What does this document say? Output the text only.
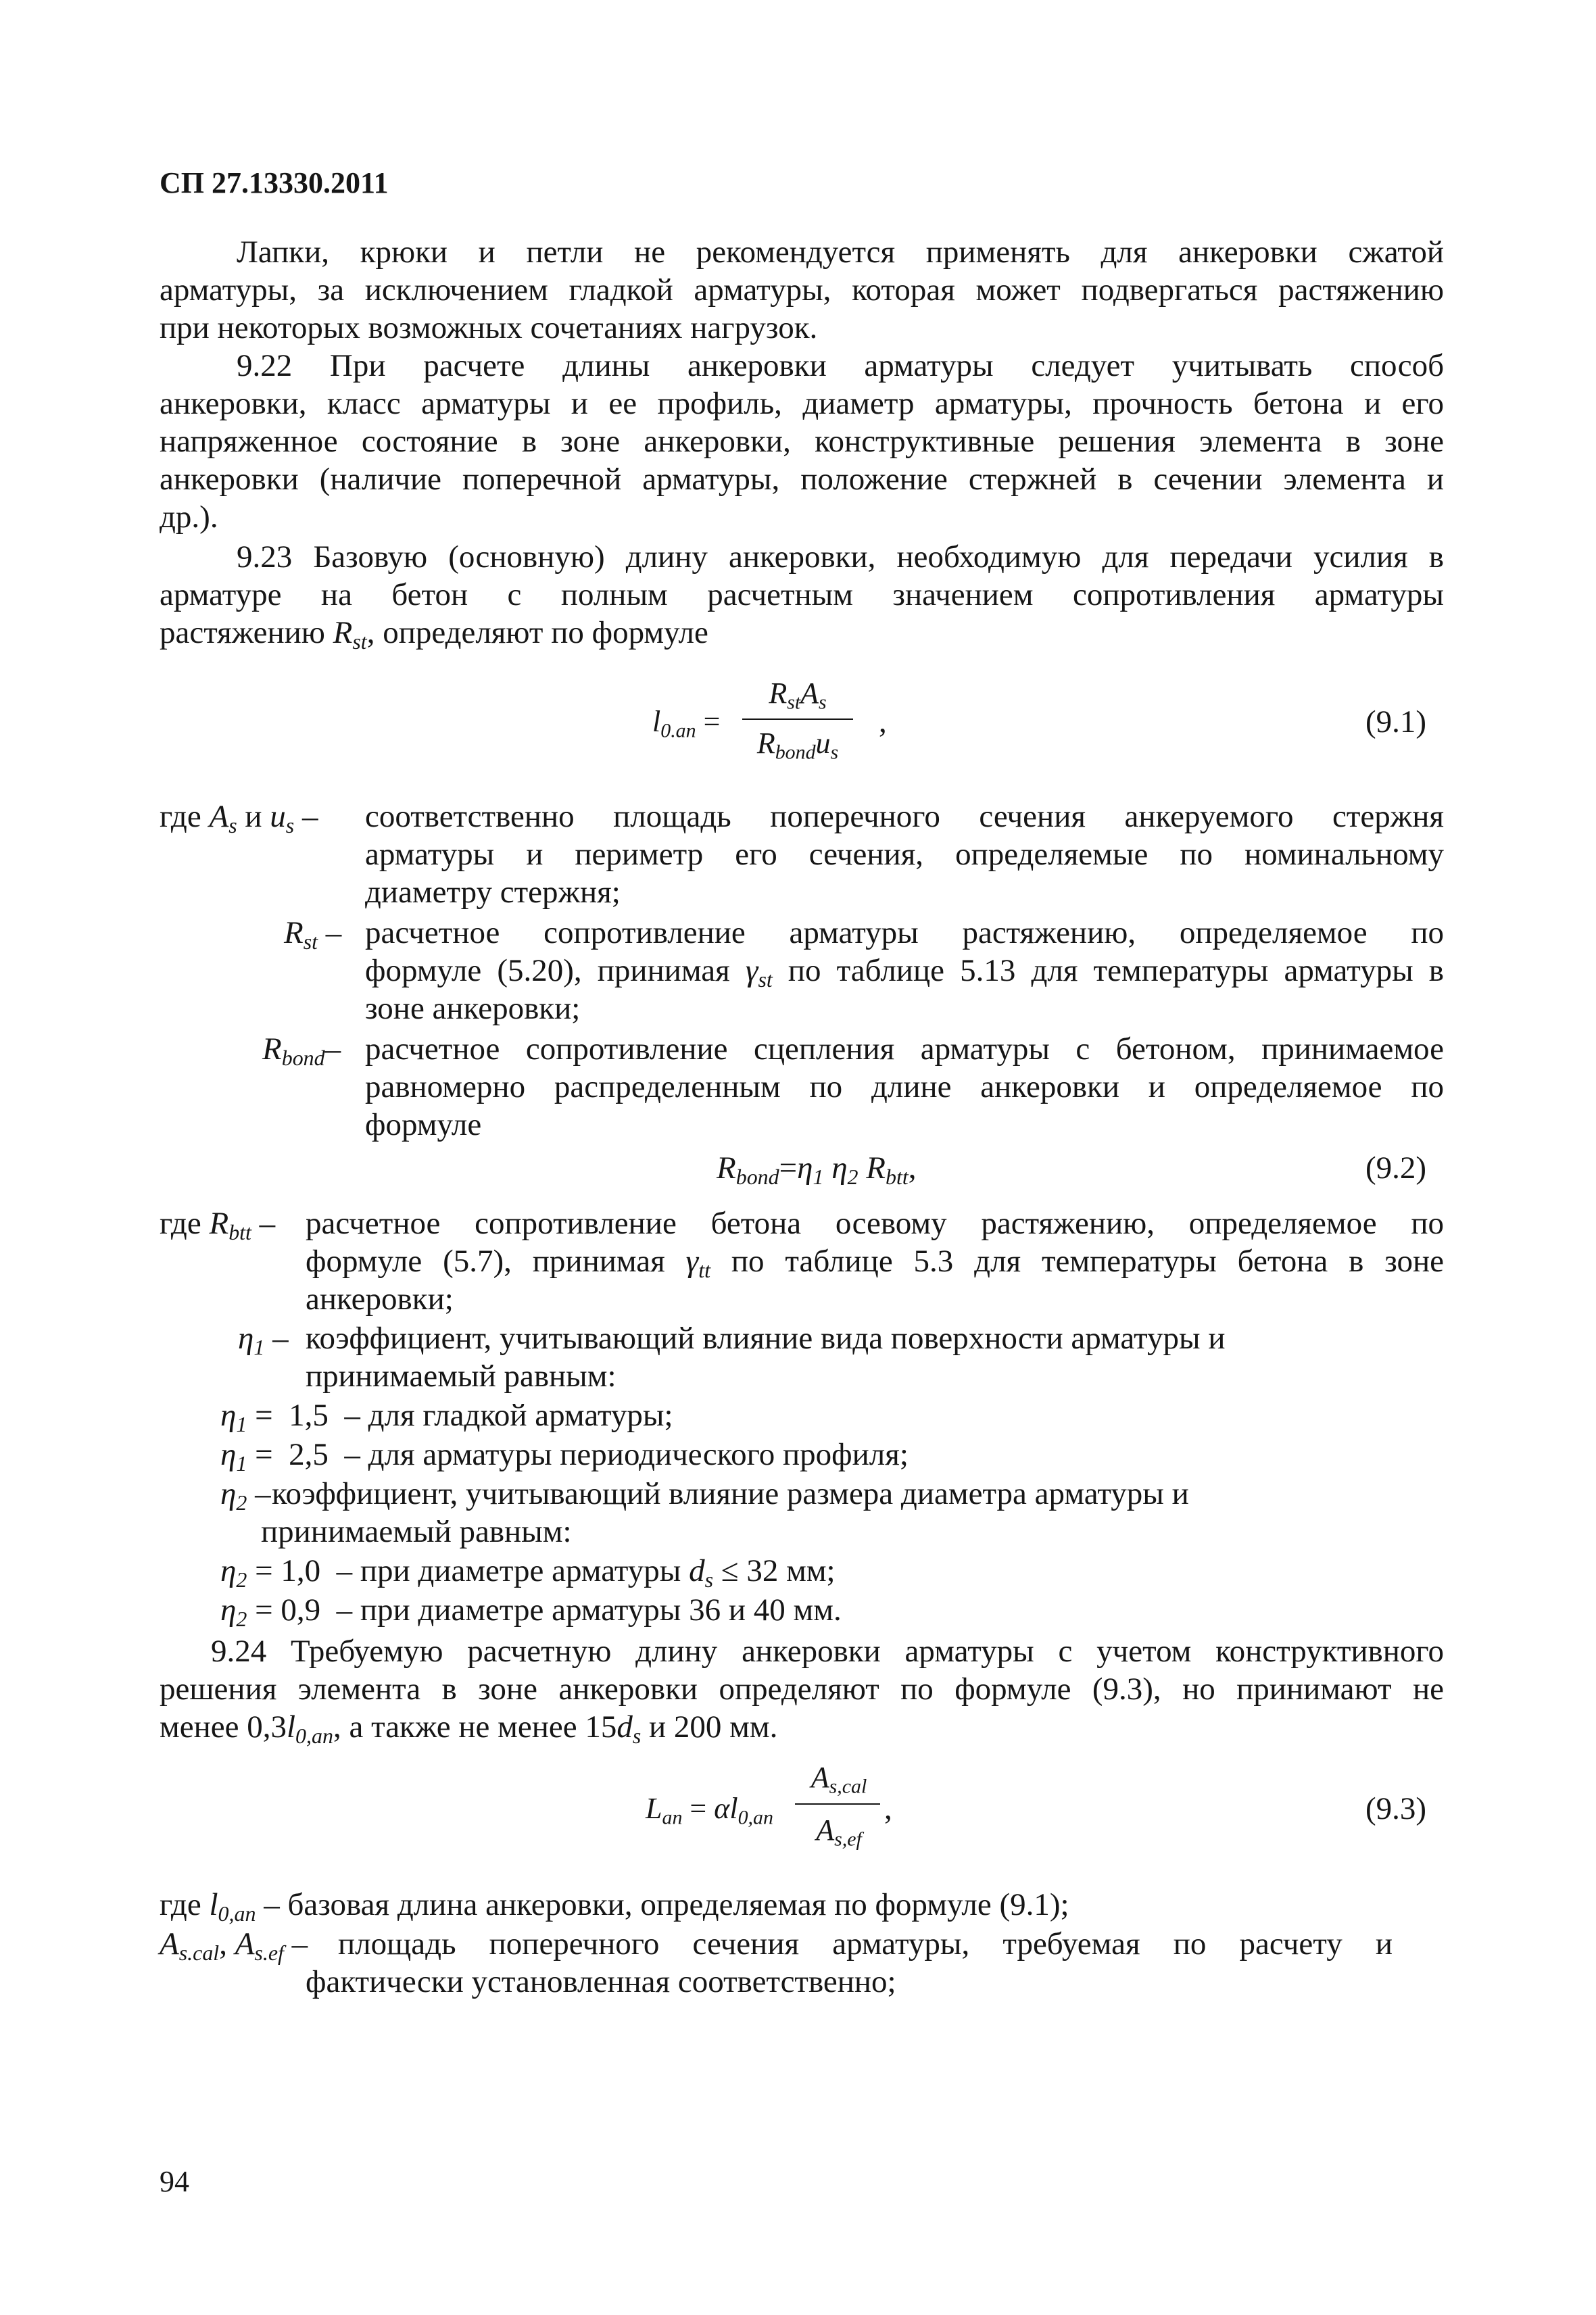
СП 27.13330.2011
Лапки, крюки и петли не рекомендуется применять для анкеровки сжатой
арматуры, за исключением гладкой арматуры, которая может подвергаться растяжению
при некоторых возможных сочетаниях нагрузок.
9.22 При расчете длины анкеровки арматуры следует учитывать способ
анкеровки, класс арматуры и ее профиль, диаметр арматуры, прочность бетона и его
напряженное состояние в зоне анкеровки, конструктивные решения элемента в зоне
анкеровки (наличие поперечной арматуры, положение стержней в сечении элемента и
др.).
9.23 Базовую (основную) длину анкеровки, необходимую для передачи усилия в
арматуре на бетон с полным расчетным значением сопротивления арматуры
растяжению $R_{st}$, определяют по формуле
$l_{0.an}$ =
$R_{st}A_s$
$R_{bond}u_s$
,	(9.1)
где $A_s$ и $u_s$ – соответственно площадь поперечного сечения анкеруемого стержня
арматуры и периметр его сечения, определяемые по номинальному
диаметру стержня;
$R_{st}$ – расчетное сопротивление арматуры растяжению, определяемое по
формуле (5.20), принимая $\gamma_{st}$ по таблице 5.13 для температуры арматуры в
зоне анкеровки;
$R_{bond}-$ расчетное сопротивление сцепления арматуры с бетоном, принимаемое
равномерно распределенным по длине анкеровки и определяемое по
формуле
$R_{bond}=\eta_1$ $\eta_2$ $R_{btt}$,	(9.2)
где $R_{btt}$ – расчетное сопротивление бетона осевому растяжению, определяемое по
формуле (5.7), принимая $\gamma_{tt}$ по таблице 5.3 для температуры бетона в зоне
анкеровки;
$\eta_1$ – коэффициент, учитывающий влияние вида поверхности арматуры и
принимаемый равным:
$\eta_1 = 1,5$  – для гладкой арматуры;
$\eta_1 = 2,5$  – для арматуры периодического профиля;
$\eta_2$ – коэффициент, учитывающий влияние размера диаметра арматуры и
принимаемый равным:
$\eta_2 = 1,0$  – при диаметре арматуры $d_s \le 32$ мм;
$\eta_2 = 0,9$  – при диаметре арматуры 36 и 40 мм.
9.24 Требуемую расчетную длину анкеровки арматуры с учетом конструктивного
решения элемента в зоне анкеровки определяют по формуле (9.3), но принимают не
менее $0,3l_{0,an}$, а также не менее $15d_s$ и 200 мм.
$L_{an} = \alpha l_{0,an}$
$A_{s,cal}$
$A_{s,ef}$
,	(9.3)
где $l_{0,an}$ – базовая длина анкеровки, определяемая по формуле (9.1);
$A_{s.cal}$, $A_{s.ef}$ – площадь поперечного сечения арматуры, требуемая по расчету и
фактически установленная соответственно;
94
